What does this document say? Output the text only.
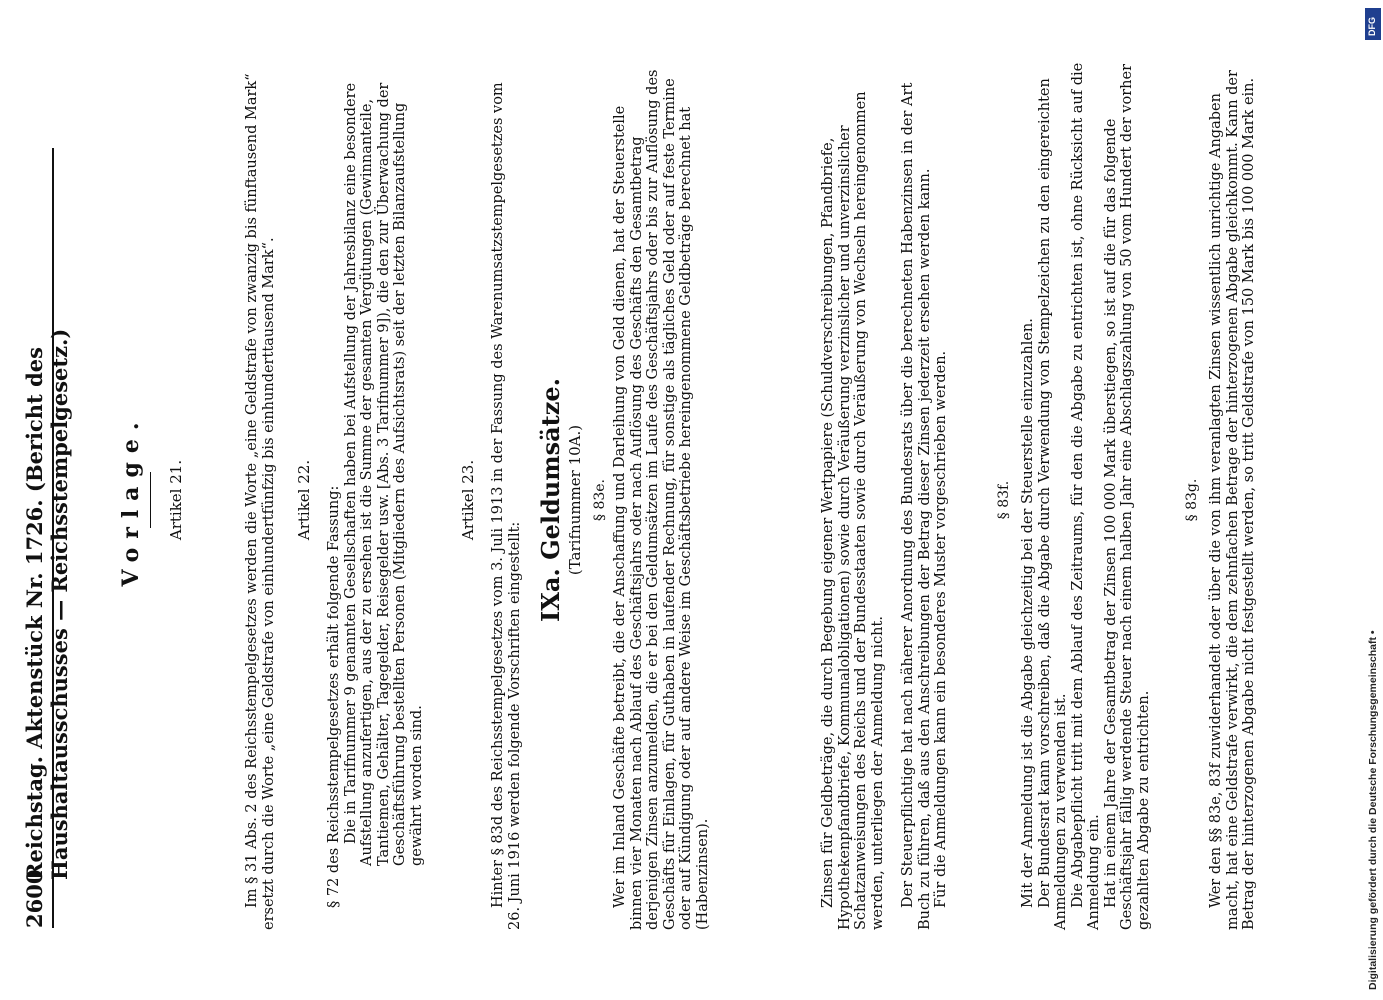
2600
Reichstag. Aktenstück Nr. 1726. (Bericht des Haushaltausschusses — Reichsstempelgesetz.) Vorlage. Artikel 21.	Im § 31 Abs. 2 des Reichsstempelgesetzes werden die Worte „eine Geldstrafe von zwanzig bis fünftausend Mark“ ersetzt durch die Worte „eine Geldstrafe von einhundertfünfzig bis einhunderttausend Mark“. Artikel 22. § 72 des Reichsstempelgesetzes erhält folgende Fassung: Die in Tarifnummer 9 genannten Gesellschaften haben bei Aufstellung der Jahresbilanz eine besondere Aufstellung anzufertigen, aus der zu ersehen ist die Summe der gesamten Vergütungen (Gewinnanteile, Tantiemen, Gehälter, Tagegelder, Reisegelder usw. [Abs. 3 Tarifnummer 9]), die den zur Überwachung der Geschäftsführung bestellten Personen (Mitgliedern des Aufsichtsrats) seit der letzten Bilanzaufstellung gewährt worden sind.

Artikel 23. Hinter § 83d des Reichsstempelgesetzes vom 3. Juli 1913 in der Fassung des Warenumsatzstempelgesetzes vom 26. Juni 1916 werden folgende Vorschriften eingestellt:

IXa. Geldumsätze. (Tarifnummer 10A.) § 83e. Wer im Inland Geschäfte betreibt, die der Anschaffung und Darleihung von Geld dienen, hat der Steuerstelle binnen vier Monaten nach Ablauf des Geschäftsjahrs oder nach Auflösung des Geschäfts den Gesamtbetrag derjenigen Zinsen anzumelden, die er bei den Geldumsätzen im Laufe des Geschäftsjahrs oder bis zur Auflösung des Geschäfts für Einlagen, für Guthaben in laufender Rechnung, für sonstige als tägliches Geld oder auf feste Termine oder auf Kündigung oder auf andere Weise im Geschäftsbetriebe hereingenommene Geldbeträge berechnet hat (Habenzinsen).	Zinsen für Geldbeträge, die durch Begebung eigener Wertpapiere (Schuldverschreibungen, Pfandbriefe, Hypothekenpfandbriefe, Kommunalobligationen) sowie durch Veräußerung verzinslicher und unverzinslicher Schatzanweisungen des Reichs und der Bundesstaaten sowie durch Veräußerung von Wechseln hereingenommen werden, unterliegen der Anmeldung nicht. Der Steuerpflichtige hat nach näherer Anordnung des Bundesrats über die berechneten Habenzinsen in der Art Buch zu führen, daß aus den Anschreibungen der Betrag dieser Zinsen jederzeit ersehen werden kann. Für die Anmeldungen kann ein besonderes Muster vorgeschrieben werden.	§ 83f. Mit der Anmeldung ist die Abgabe gleichzeitig bei der Steuerstelle einzuzahlen. Der Bundesrat kann vorschreiben, daß die Abgabe durch Verwendung von Stempelzeichen zu den eingereichten Anmeldungen zu verwenden ist. Die Abgabepflicht tritt mit dem Ablauf des Zeitraums, für den die Abgabe zu entrichten ist, ohne Rücksicht auf die Anmeldung ein. Hat in einem Jahre der Gesamtbetrag der Zinsen 100 000 Mark überstiegen, so ist auf die für das folgende Geschäftsjahr fällig werdende Steuer nach einem halben Jahr eine Abschlagszahlung von 50 vom Hundert der vorher gezahlten Abgabe zu entrichten.

§ 83g. Wer den §§ 83e, 83f zuwiderhandelt oder über die von ihm veranlagten Zinsen wissentlich unrichtige Angaben macht, hat eine Geldstrafe verwirkt, die dem zehnfachen Betrage der hinterzogenen Abgabe gleichkommt. Kann der Betrag der hinterzogenen Abgabe nicht festgestellt werden, so tritt Geldstrafe von 150 Mark bis 100 000 Mark ein.	Digitalisierung gefördert durch die Deutsche Forschungsgemeinschaft •
DFG
